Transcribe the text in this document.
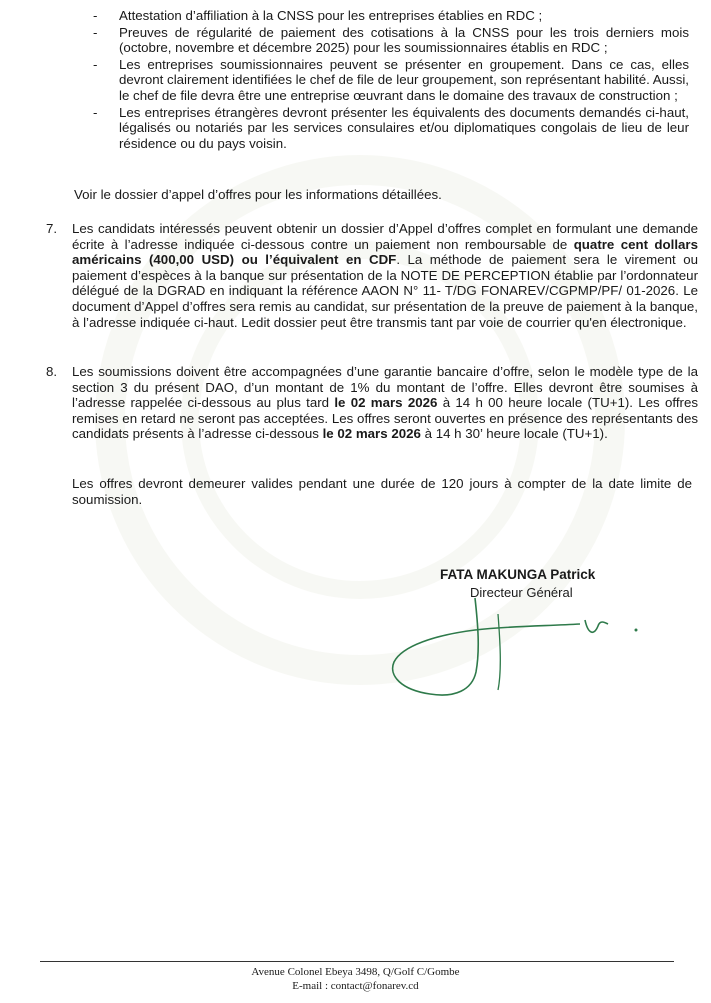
- Attestation d’affiliation à la CNSS pour les entreprises établies en RDC ;
- Preuves de régularité de paiement des cotisations à la CNSS pour les trois derniers mois (octobre, novembre et décembre 2025) pour les soumissionnaires établis en RDC ;
- Les entreprises soumissionnaires peuvent se présenter en groupement. Dans ce cas, elles devront clairement identifiées le chef de file de leur groupement, son représentant habilité. Aussi, le chef de file devra être une entreprise œuvrant dans le domaine des travaux de construction ;
- Les entreprises étrangères devront présenter les équivalents des documents demandés ci-haut, légalisés ou notariés par les services consulaires et/ou diplomatiques congolais de lieu de leur résidence ou du pays voisin.
Voir le dossier d’appel d’offres pour les informations détaillées.
7. Les candidats intéressés peuvent obtenir un dossier d’Appel d’offres complet en formulant une demande écrite à l’adresse indiquée ci-dessous contre un paiement non remboursable de quatre cent dollars américains (400,00 USD) ou l’équivalent en CDF. La méthode de paiement sera le virement ou paiement d’espèces à la banque sur présentation de la NOTE DE PERCEPTION établie par l’ordonnateur délégué de la DGRAD en indiquant la référence AAON N° 11- T/DG FONAREV/CGPMP/PF/ 01-2026. Le document d’Appel d’offres sera remis au candidat, sur présentation de la preuve de paiement à la banque, à l’adresse indiquée ci-haut. Ledit dossier peut être transmis tant par voie de courrier qu'en électronique.
8. Les soumissions doivent être accompagnées d’une garantie bancaire d’offre, selon le modèle type de la section 3 du présent DAO, d’un montant de 1% du montant de l’offre. Elles devront être soumises à l’adresse rappelée ci-dessous au plus tard le 02 mars 2026 à 14 h 00 heure locale (TU+1). Les offres remises en retard ne seront pas acceptées. Les offres seront ouvertes en présence des représentants des candidats présents à l’adresse ci-dessous le 02 mars 2026 à 14 h 30’ heure locale (TU+1).
Les offres devront demeurer valides pendant une durée de 120 jours à compter de la date limite de soumission.
FATA MAKUNGA Patrick
Directeur Général
Avenue Colonel Ebeya 3498, Q/Golf C/Gombe
E-mail : contact@fonarev.cd
